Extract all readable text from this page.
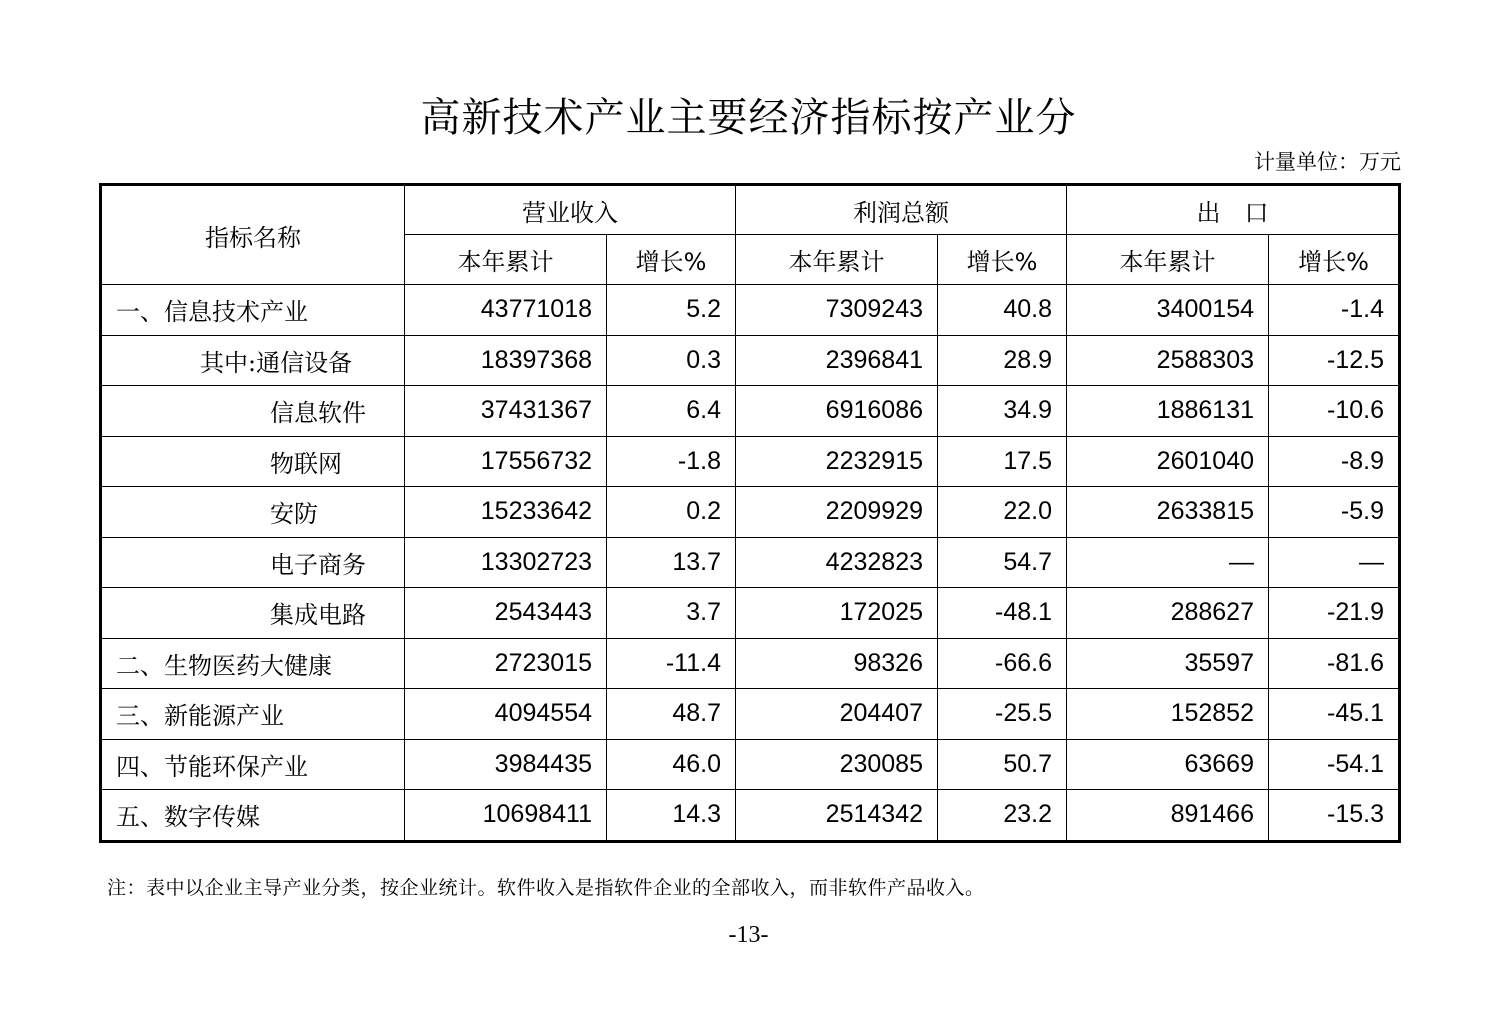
高新技术产业主要经济指标按产业分
计量单位：万元
指标名称	营业收入		利润总额		出　口	
	本年累计	增长%	本年累计	增长%	本年累计	增长%
一、信息技术产业	43771018	5.2	7309243	40.8	3400154	-1.4
其中:通信设备	18397368	0.3	2396841	28.9	2588303	-12.5
信息软件	37431367	6.4	6916086	34.9	1886131	-10.6
物联网	17556732	-1.8	2232915	17.5	2601040	-8.9
安防	15233642	0.2	2209929	22.0	2633815	-5.9
电子商务	13302723	13.7	4232823	54.7	—	—
集成电路	2543443	3.7	172025	-48.1	288627	-21.9
二、生物医药大健康	2723015	-11.4	98326	-66.6	35597	-81.6
三、新能源产业	4094554	48.7	204407	-25.5	152852	-45.1
四、节能环保产业	3984435	46.0	230085	50.7	63669	-54.1
五、数字传媒	10698411	14.3	2514342	23.2	891466	-15.3
注：表中以企业主导产业分类，按企业统计。软件收入是指软件企业的全部收入，而非软件产品收入。
-13-
